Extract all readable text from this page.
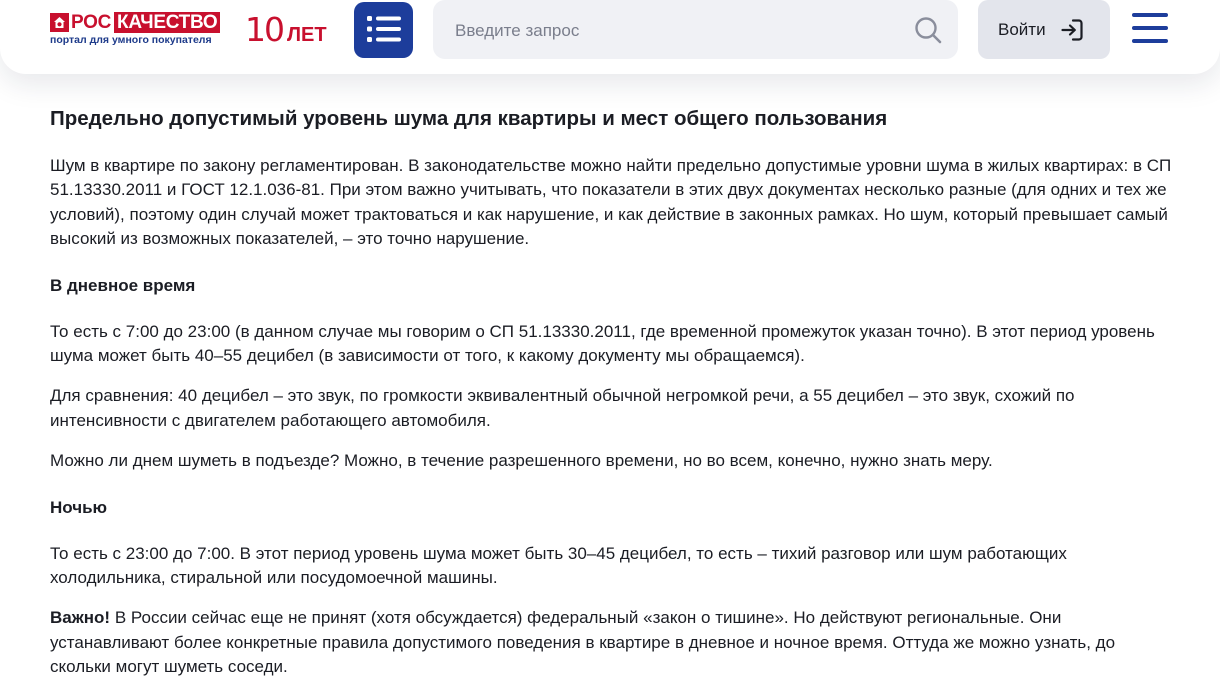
РОС КАЧЕСТВО
портал для умного покупателя 10 ЛЕТ
Введите запрос	Войти
Предельно допустимый уровень шума для квартиры и мест общего пользования

Шум в квартире по закону регламентирован. В законодательстве можно найти предельно допустимые уровни шума в жилых квартирах: в СП 51.13330.2011 и ГОСТ 12.1.036-81. При этом важно учитывать, что показатели в этих двух документах несколько разные (для одних и тех же условий), поэтому один случай может трактоваться и как нарушение, и как действие в законных рамках. Но шум, который превышает самый высокий из возможных показателей, – это точно нарушение.

В дневное время

То есть с 7:00 до 23:00 (в данном случае мы говорим о СП 51.13330.2011, где временной промежуток указан точно). В этот период уровень шума может быть 40–55 децибел (в зависимости от того, к какому документу мы обращаемся).

Для сравнения: 40 децибел – это звук, по громкости эквивалентный обычной негромкой речи, а 55 децибел – это звук, схожий по интенсивности с двигателем работающего автомобиля.

Можно ли днем шуметь в подъезде? Можно, в течение разрешенного времени, но во всем, конечно, нужно знать меру.

Ночью

То есть с 23:00 до 7:00. В этот период уровень шума может быть 30–45 децибел, то есть – тихий разговор или шум работающих холодильника, стиральной или посудомоечной машины.

Важно! В России сейчас еще не принят (хотя обсуждается) федеральный «закон о тишине». Но действуют региональные. Они устанавливают более конкретные правила допустимого поведения в квартире в дневное и ночное время. Оттуда же можно узнать, до скольки могут шуметь соседи.
